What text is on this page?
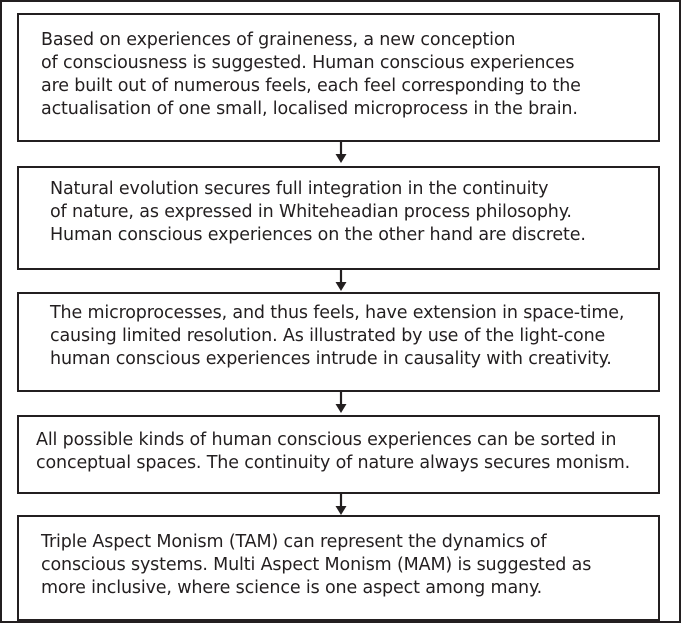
Based on experiences of graineness, a new conception
of consciousness is suggested. Human conscious experiences
are built out of numerous feels, each feel corresponding to the
actualisation of one small, localised microprocess in the brain.

Natural evolution secures full integration in the continuity
of nature, as expressed in Whiteheadian process philosophy.
Human conscious experiences on the other hand are discrete.

The microprocesses, and thus feels, have extension in space-time,
causing limited resolution. As illustrated by use of the light-cone
human conscious experiences intrude in causality with creativity.

All possible kinds of human conscious experiences can be sorted in
conceptual spaces. The continuity of nature always secures monism.

Triple Aspect Monism (TAM) can represent the dynamics of
conscious systems. Multi Aspect Monism (MAM) is suggested as
more inclusive, where science is one aspect among many.
